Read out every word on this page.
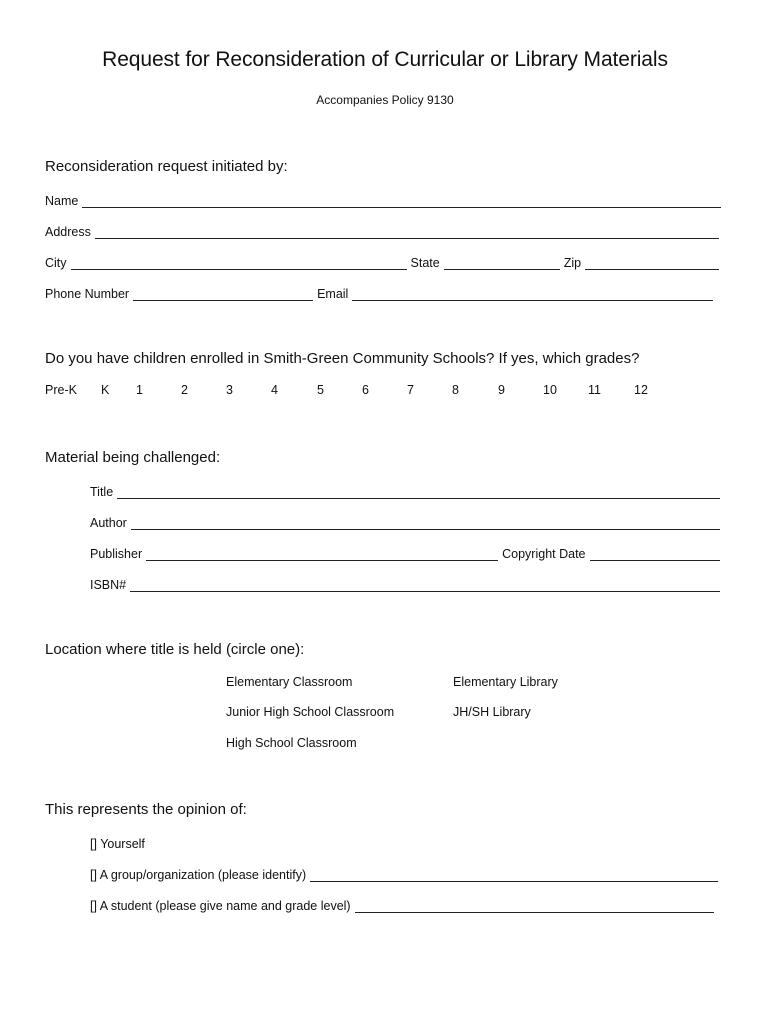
Request for Reconsideration of Curricular or Library Materials
Accompanies Policy 9130
Reconsideration request initiated by:
Name
Address
City	State	Zip
Phone Number	Email
Do you have children enrolled in Smith-Green Community Schools? If yes, which grades?
Pre-K K 1	2	3	4	5	6	7	8	9	10 11	12
Material being challenged:
Title
Author
Publisher	Copyright Date
ISBN#
Location where title is held (circle one):
Elementary Classroom	Elementary Library
Junior High School Classroom	JH/SH Library
High School Classroom
This represents the opinion of:
[] Yourself
[] A group/organization (please identify)
[] A student (please give name and grade level)
